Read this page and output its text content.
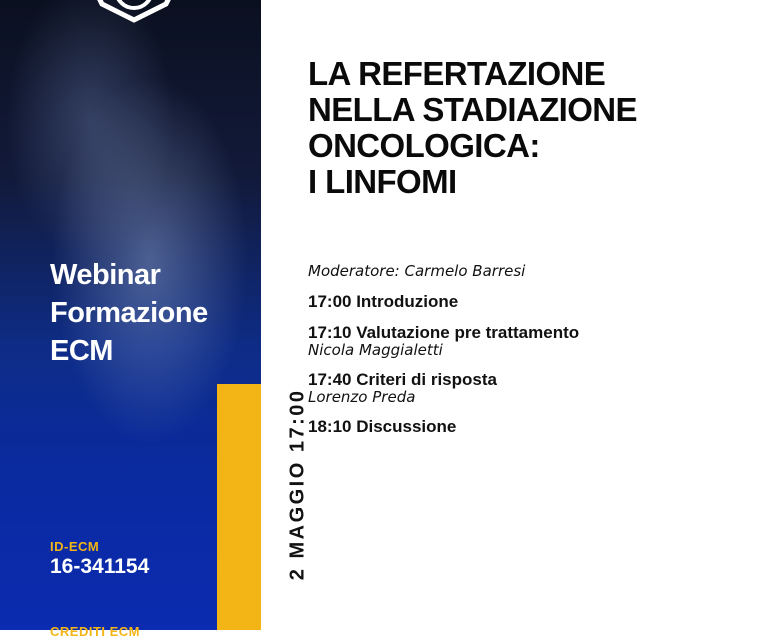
Webinar
Formazione
ECM
2 MAGGIO 17:00
ID-ECM
16-341154
CREDITI ECM
LA REFERTAZIONE
NELLA STADIAZIONE
ONCOLOGICA:
I LINFOMI
Moderatore: Carmelo Barresi
17:00 Introduzione
17:10 Valutazione pre trattamento
Nicola Maggialetti
17:40 Criteri di risposta
Lorenzo Preda
18:10 Discussione
